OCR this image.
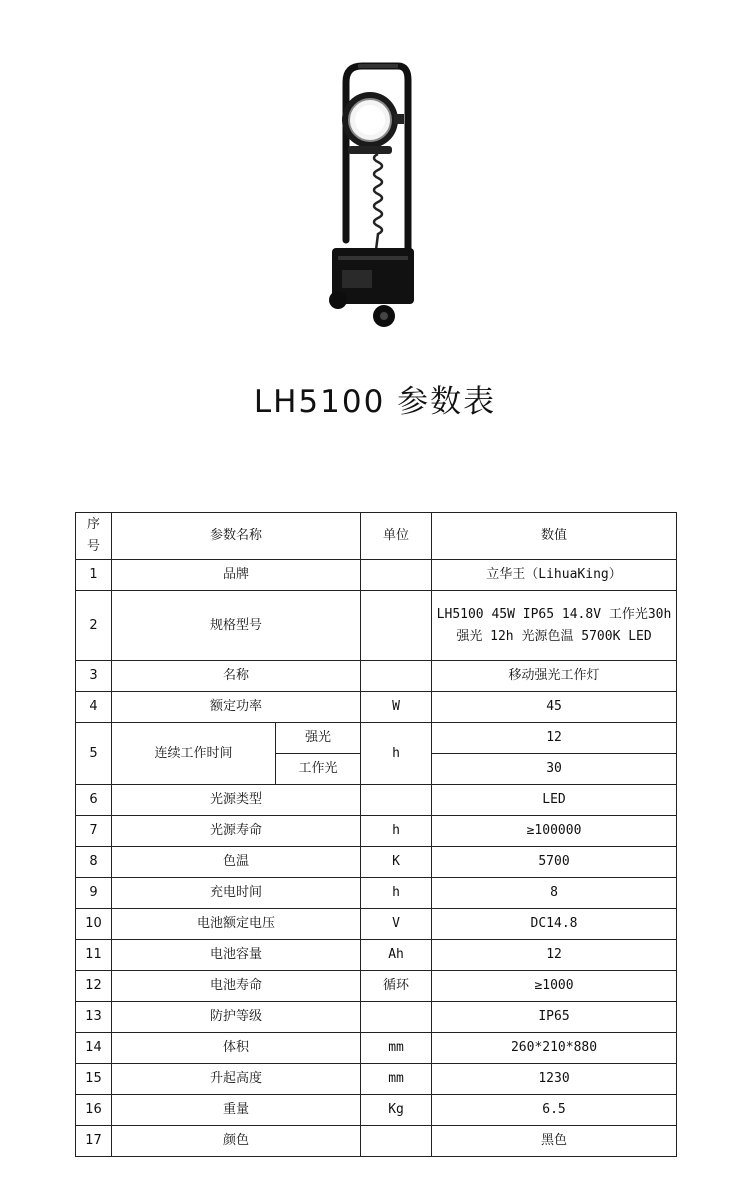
LH5100 参数表
序号	参数名称		单位	数值
1	品牌			立华王（LihuaKing）
2	规格型号			LH5100 45W IP65 14.8V 工作光30h 强光 12h 光源色温 5700K LED
3	名称			移动强光工作灯
4	额定功率		W	45
5	连续工作时间	强光	h	12
		工作光		30
6	光源类型			LED
7	光源寿命		h	≥100000
8	色温		K	5700
9	充电时间		h	8
10	电池额定电压		V	DC14.8
11	电池容量		Ah	12
12	电池寿命		循环	≥1000
13	防护等级			IP65
14	体积		mm	260*210*880
15	升起高度		mm	1230
16	重量		Kg	6.5
17	颜色			黑色
